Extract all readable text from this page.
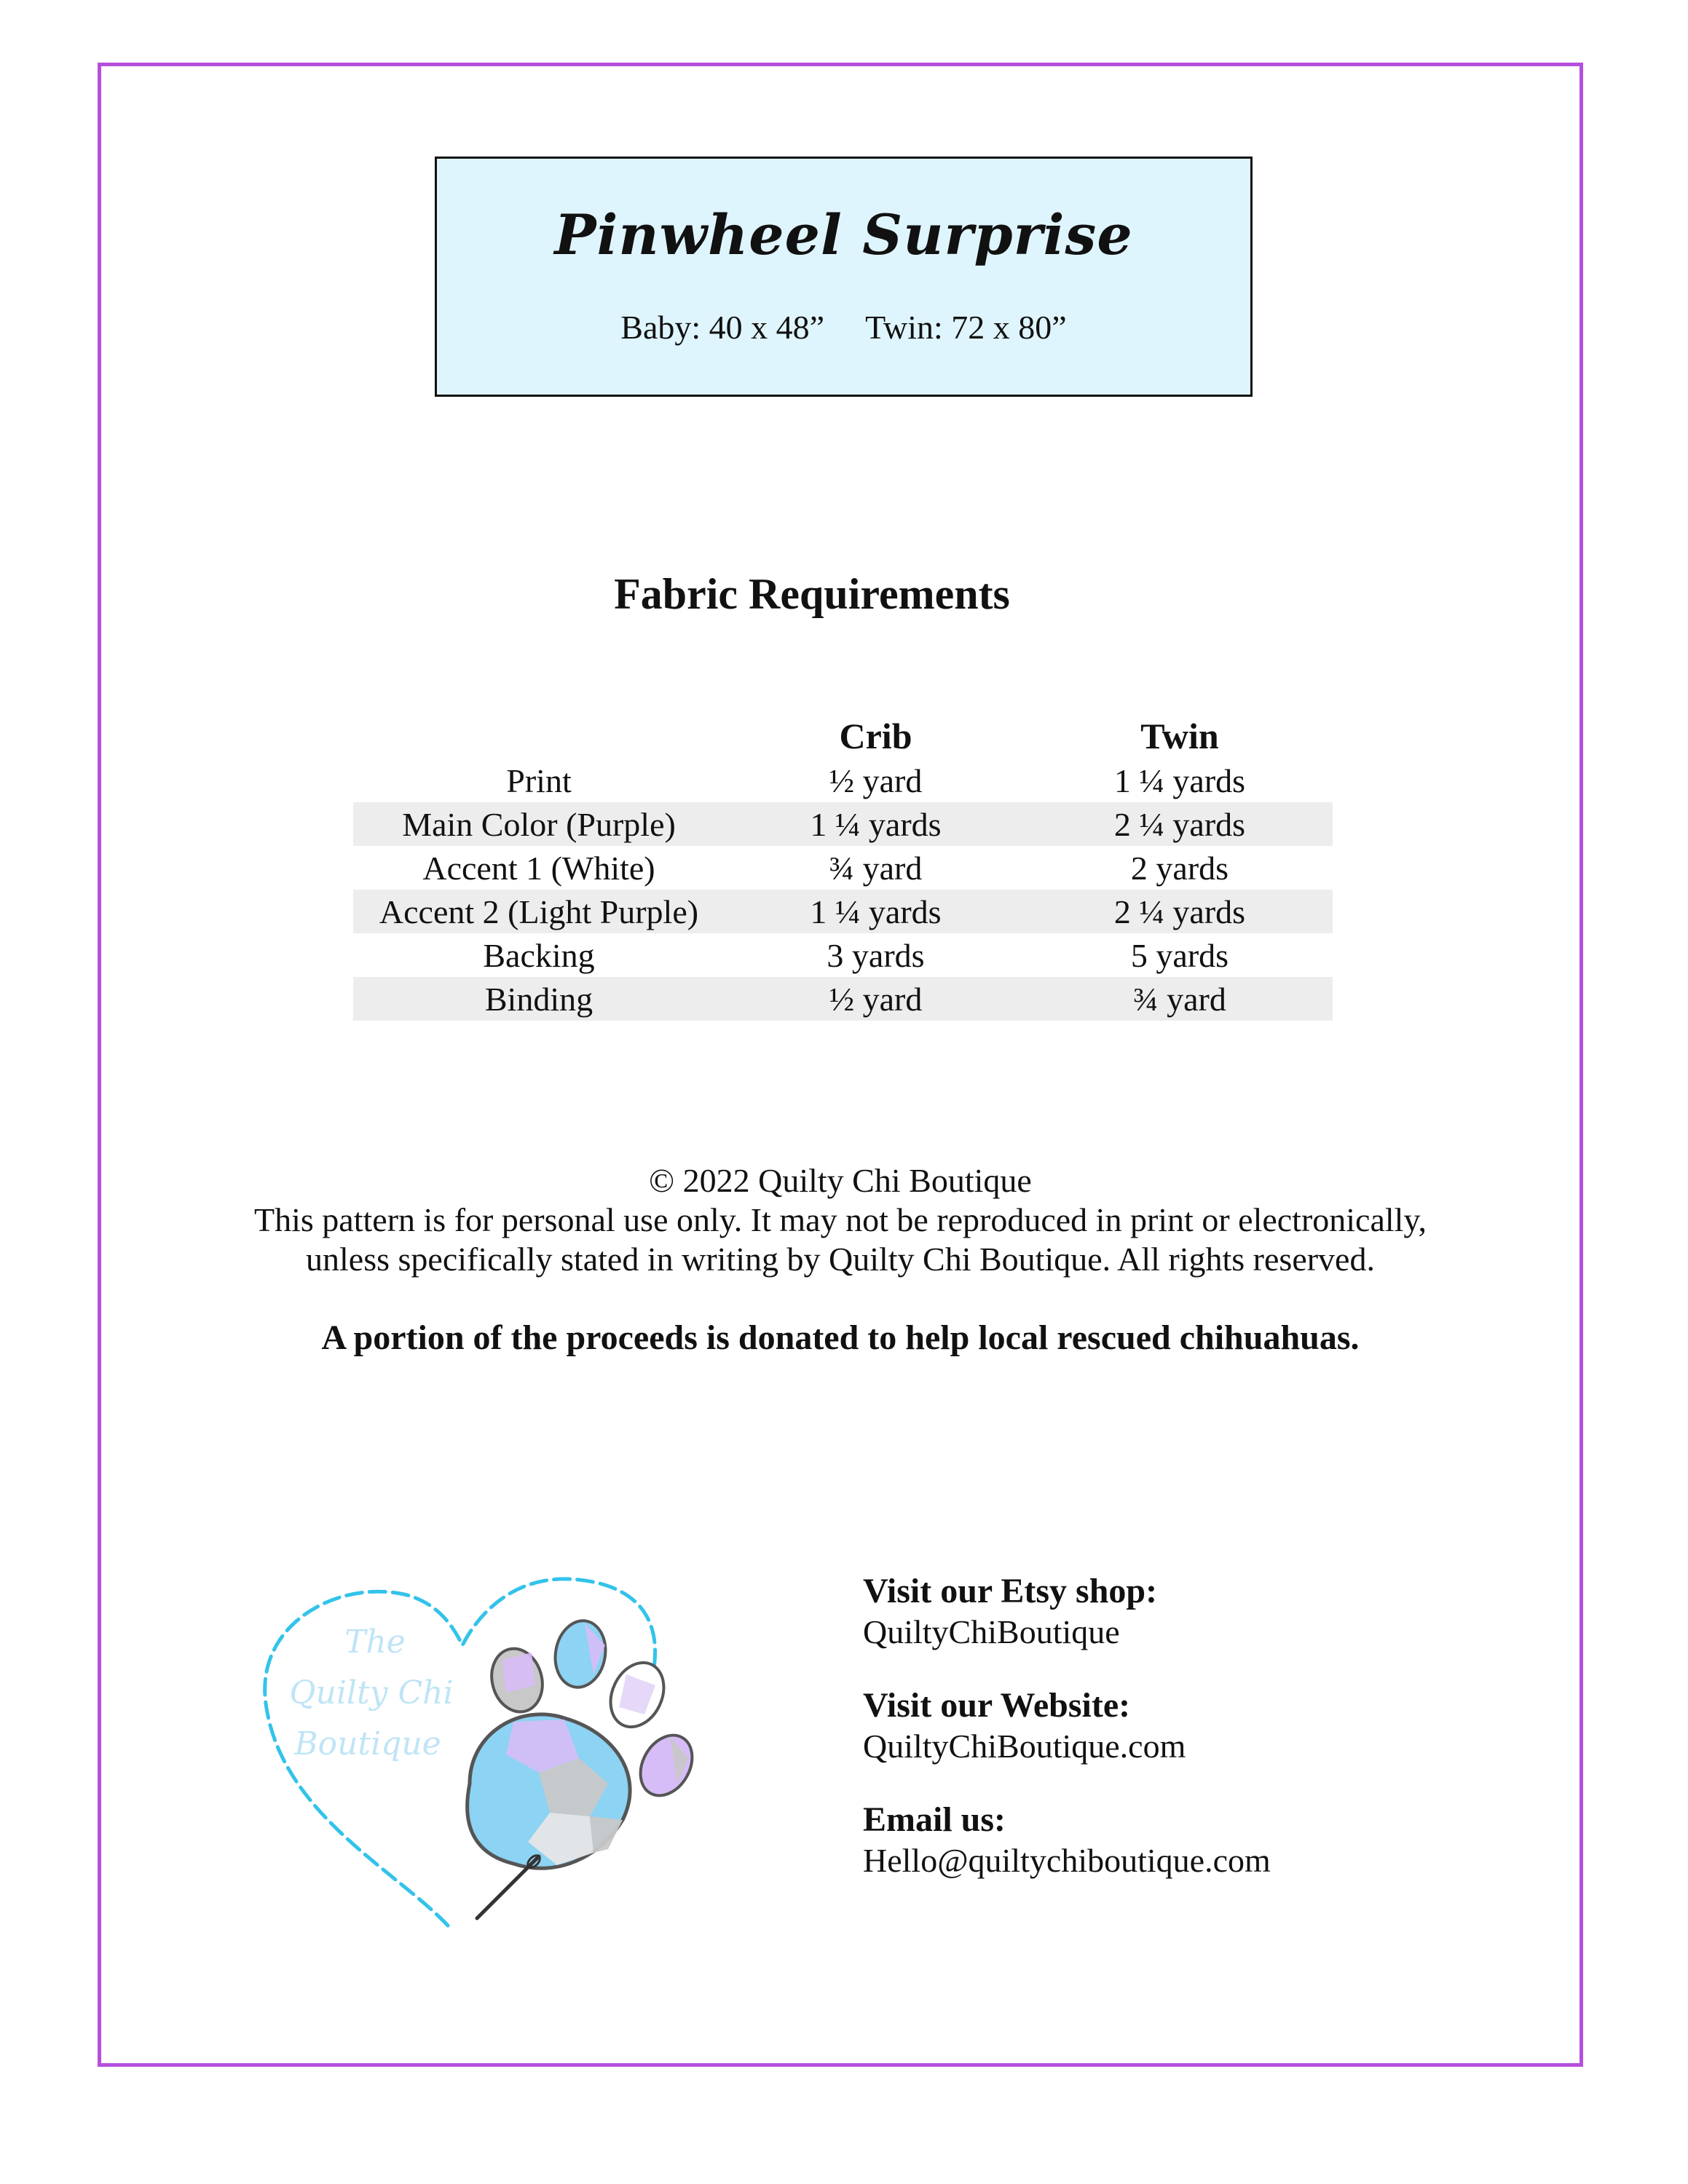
Pinwheel Surprise
Baby: 40 x 48” Twin: 72 x 80”
Fabric Requirements
	Crib	Twin
Print	½ yard	1 ¼ yards
Main Color (Purple)	1 ¼ yards	2 ¼ yards
Accent 1 (White)	¾ yard	2 yards
Accent 2 (Light Purple)	1 ¼ yards	2 ¼ yards
Backing	3 yards	5 yards
Binding	½ yard	¾ yard
© 2022 Quilty Chi Boutique
This pattern is for personal use only. It may not be reproduced in print or electronically,
unless specifically stated in writing by Quilty Chi Boutique. All rights reserved.
A portion of the proceeds is donated to help local rescued chihuahuas.
The
Quilty Chi
Boutique
Visit our Etsy shop:
QuiltyChiBoutique
Visit our Website:
QuiltyChiBoutique.com
Email us:
Hello@quiltychiboutique.com
